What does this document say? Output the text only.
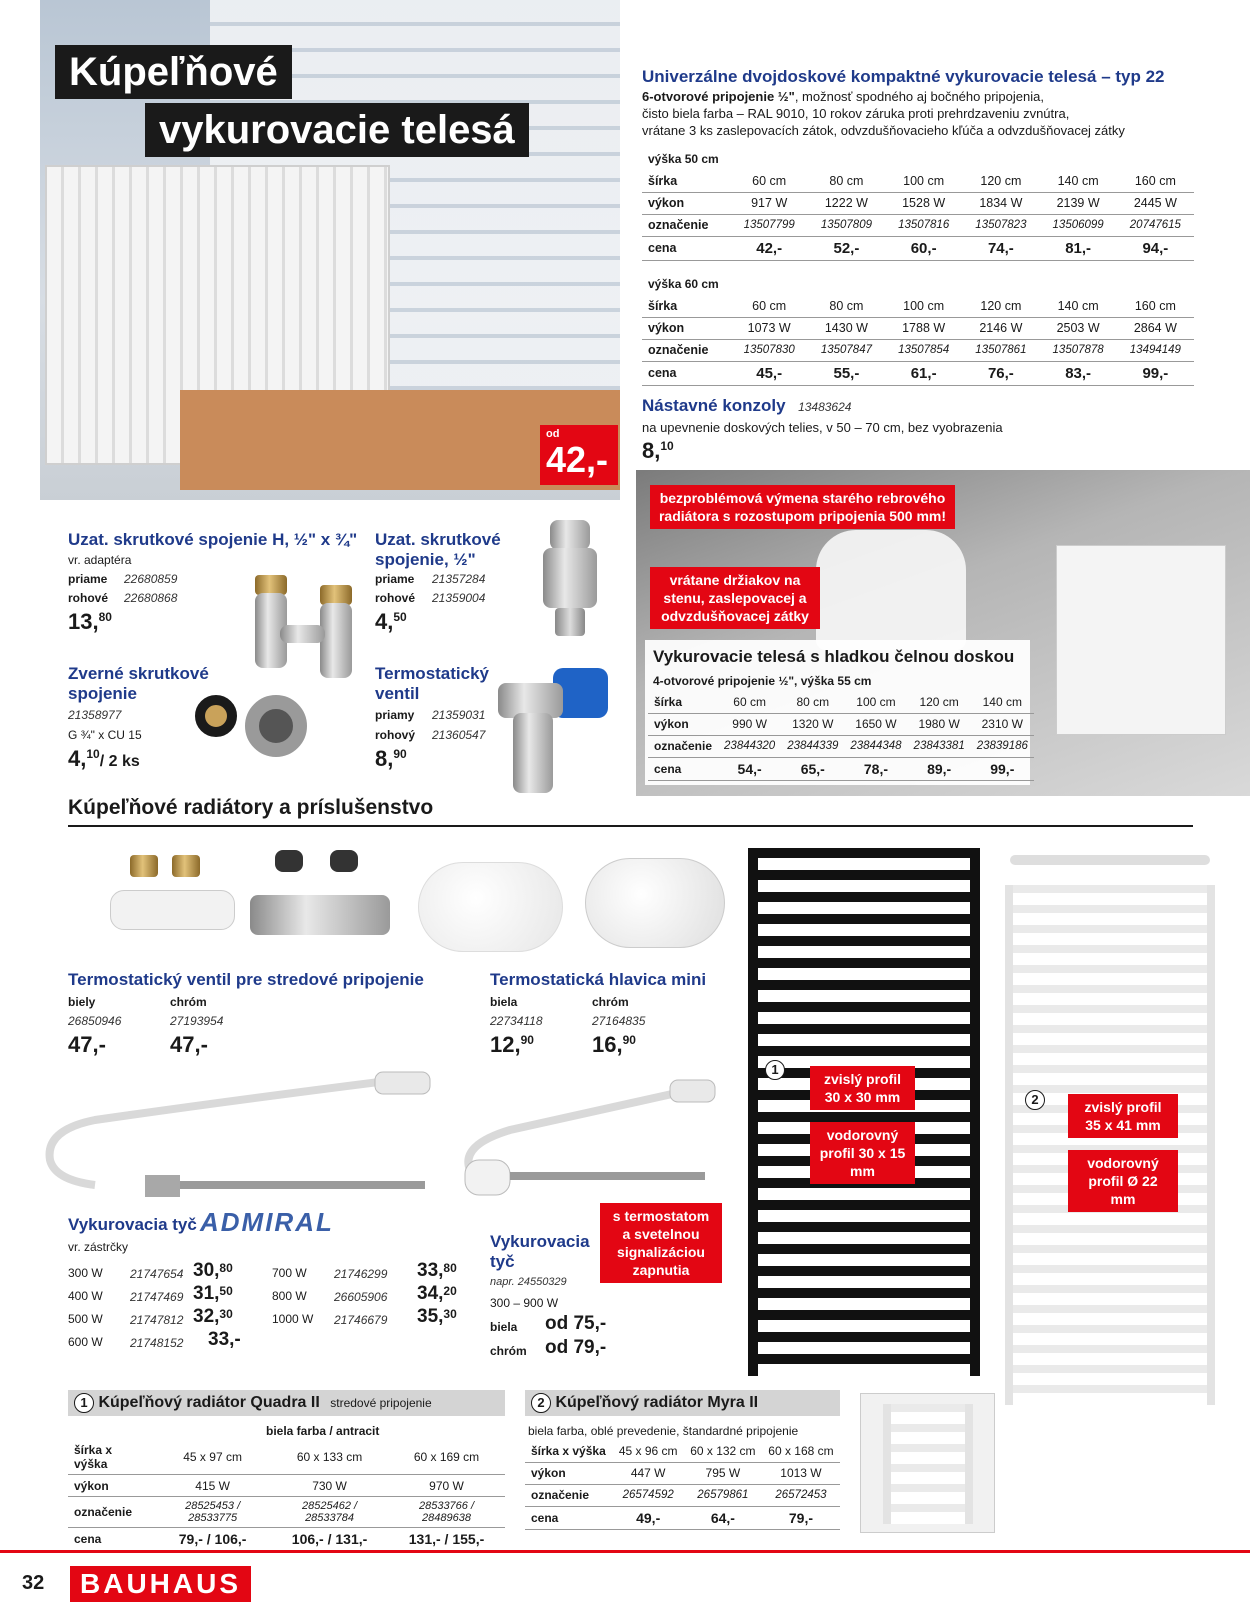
Kúpeľňové
vykurovacie telesá
od
42,-
Univerzálne dvojdoskové kompaktné vykurovacie telesá – typ 22
6-otvorové pripojenie ½", možnosť spodného aj bočného pripojenia,
čisto biela farba – RAL 9010, 10 rokov záruka proti prehrdzaveniu zvnútra,
vrátane 3 ks zaslepovacích zátok, odvzdušňovacieho kľúča a odvzdušňovacej zátky
výška 50 cm
šírka	60 cm	80 cm	100 cm	120 cm	140 cm	160 cm
výkon	917 W	1222 W	1528 W	1834 W	2139 W	2445 W
označenie	13507799	13507809	13507816	13507823	13506099	20747615
cena	42,-	52,-	60,-	74,-	81,-	94,-
výška 60 cm
šírka	60 cm	80 cm	100 cm	120 cm	140 cm	160 cm
výkon	1073 W	1430 W	1788 W	2146 W	2503 W	2864 W
označenie	13507830	13507847	13507854	13507861	13507878	13494149
cena	45,-	55,-	61,-	76,-	83,-	99,-
Nástavné konzoly 13483624
na upevnenie doskových telies, v 50 – 70 cm, bez vyobrazenia
8,10
bezproblémová výmena starého rebrového radiátora s rozostupom pripojenia 500 mm!
vrátane držiakov na stenu, zaslepovacej a odvzdušňovacej zátky
Vykurovacie telesá s hladkou čelnou doskou
4-otvorové pripojenie ½", výška 55 cm
šírka	60 cm	80 cm	100 cm	120 cm	140 cm
výkon	990 W	1320 W	1650 W	1980 W	2310 W
označenie	23844320	23844339	23844348	23843381	23839186
cena	54,-	65,-	78,-	89,-	99,-
Uzat. skrutkové spojenie H, ½" x ¾"
vr. adaptéra
priame 22680859
rohové 22680868
13,80
Uzat. skrutkové
spojenie, ½"
priame 21357284
rohové 21359004
4,50
Zverné skrutkové
spojenie
21358977
G ¾" x CU 15
4,10/ 2 ks
Termostatický
ventil
priamy 21359031
rohový 21360547
8,90
Kúpeľňové radiátory a príslušenstvo
Termostatický ventil pre stredové pripojenie
biely
26850946
47,-
chróm
27193954
47,-
Termostatická hlavica mini
biela
22734118
12,90
chróm
27164835
16,90
Vykurovacia tyč ADMIRAL
vr. zástrčky
300 W 21747654 30,80
400 W 21747469 31,50
500 W 21747812 32,30
600 W 21748152 33,-
700 W 21746299 33,80
800 W 26605906 34,20
1000 W 21746679 35,30
Vykurovacia
tyč
napr. 24550329
300 – 900 W
biela od 75,-
chróm od 79,-
s termostatom a svetelnou signalizáciou zapnutia
1
zvislý profil 30 x 30 mm
vodorovný profil 30 x 15 mm
2	zvislý profil 35 x 41 mm
vodorovný profil Ø 22 mm
1 Kúpeľňový radiátor Quadra II stredové pripojenie
biela farba / antracit
šírka x výška	45 x 97 cm	60 x 133 cm	60 x 169 cm
výkon	415 W	730 W	970 W
označenie	28525453 / 28533775	28525462 / 28533784	28533766 / 28489638
cena	79,- / 106,-	106,- / 131,-	131,- / 155,-
2 Kúpeľňový radiátor Myra II
biela farba, oblé prevedenie, štandardné pripojenie
šírka x výška	45 x 96 cm	60 x 132 cm	60 x 168 cm
výkon	447 W	795 W	1013 W
označenie	26574592	26579861	26572453
cena	49,-	64,-	79,-
32	BAUHAUS
